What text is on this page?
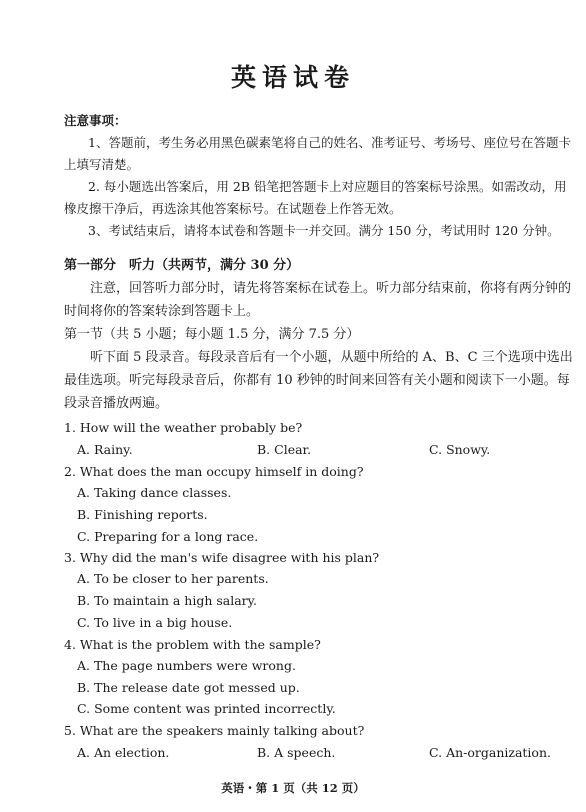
英语试卷
注意事项：

1、答题前，考生务必用黑色碳素笔将自己的姓名、准考证号、考场号、座位号在答题卡上填写清楚。

2. 每小题选出答案后，用 2B 铅笔把答题卡上对应题目的答案标号涂黑。如需改动，用橡皮擦干净后，再选涂其他答案标号。在试题卷上作答无效。

3、考试结束后，请将本试卷和答题卡一并交回。满分 150 分，考试用时 120 分钟。

第一部分　听力（共两节，满分 30 分）

注意，回答听力部分时，请先将答案标在试卷上。听力部分结束前，你将有两分钟的时间将你的答案转涂到答题卡上。

第一节（共 5 小题；每小题 1.5 分，满分 7.5 分）

听下面 5 段录音。每段录音后有一个小题，从题中所给的 A、B、C 三个选项中选出最佳选项。听完每段录音后，你都有 10 秒钟的时间来回答有关小题和阅读下一小题。每段录音播放两遍。

1. How will the weather probably be?
A. Rainy.	B. Clear.	C. Snowy.
2. What does the man occupy himself in doing?
A. Taking dance classes.
B. Finishing reports.
C. Preparing for a long race.
3. Why did the man's wife disagree with his plan?
A. To be closer to her parents.
B. To maintain a high salary.
C. To live in a big house.
4. What is the problem with the sample?
A. The page numbers were wrong.
B. The release date got messed up.
C. Some content was printed incorrectly.
5. What are the speakers mainly talking about?
A. An election.	B. A speech.	C. An-organization.
英语・第 1 页（共 12 页）
